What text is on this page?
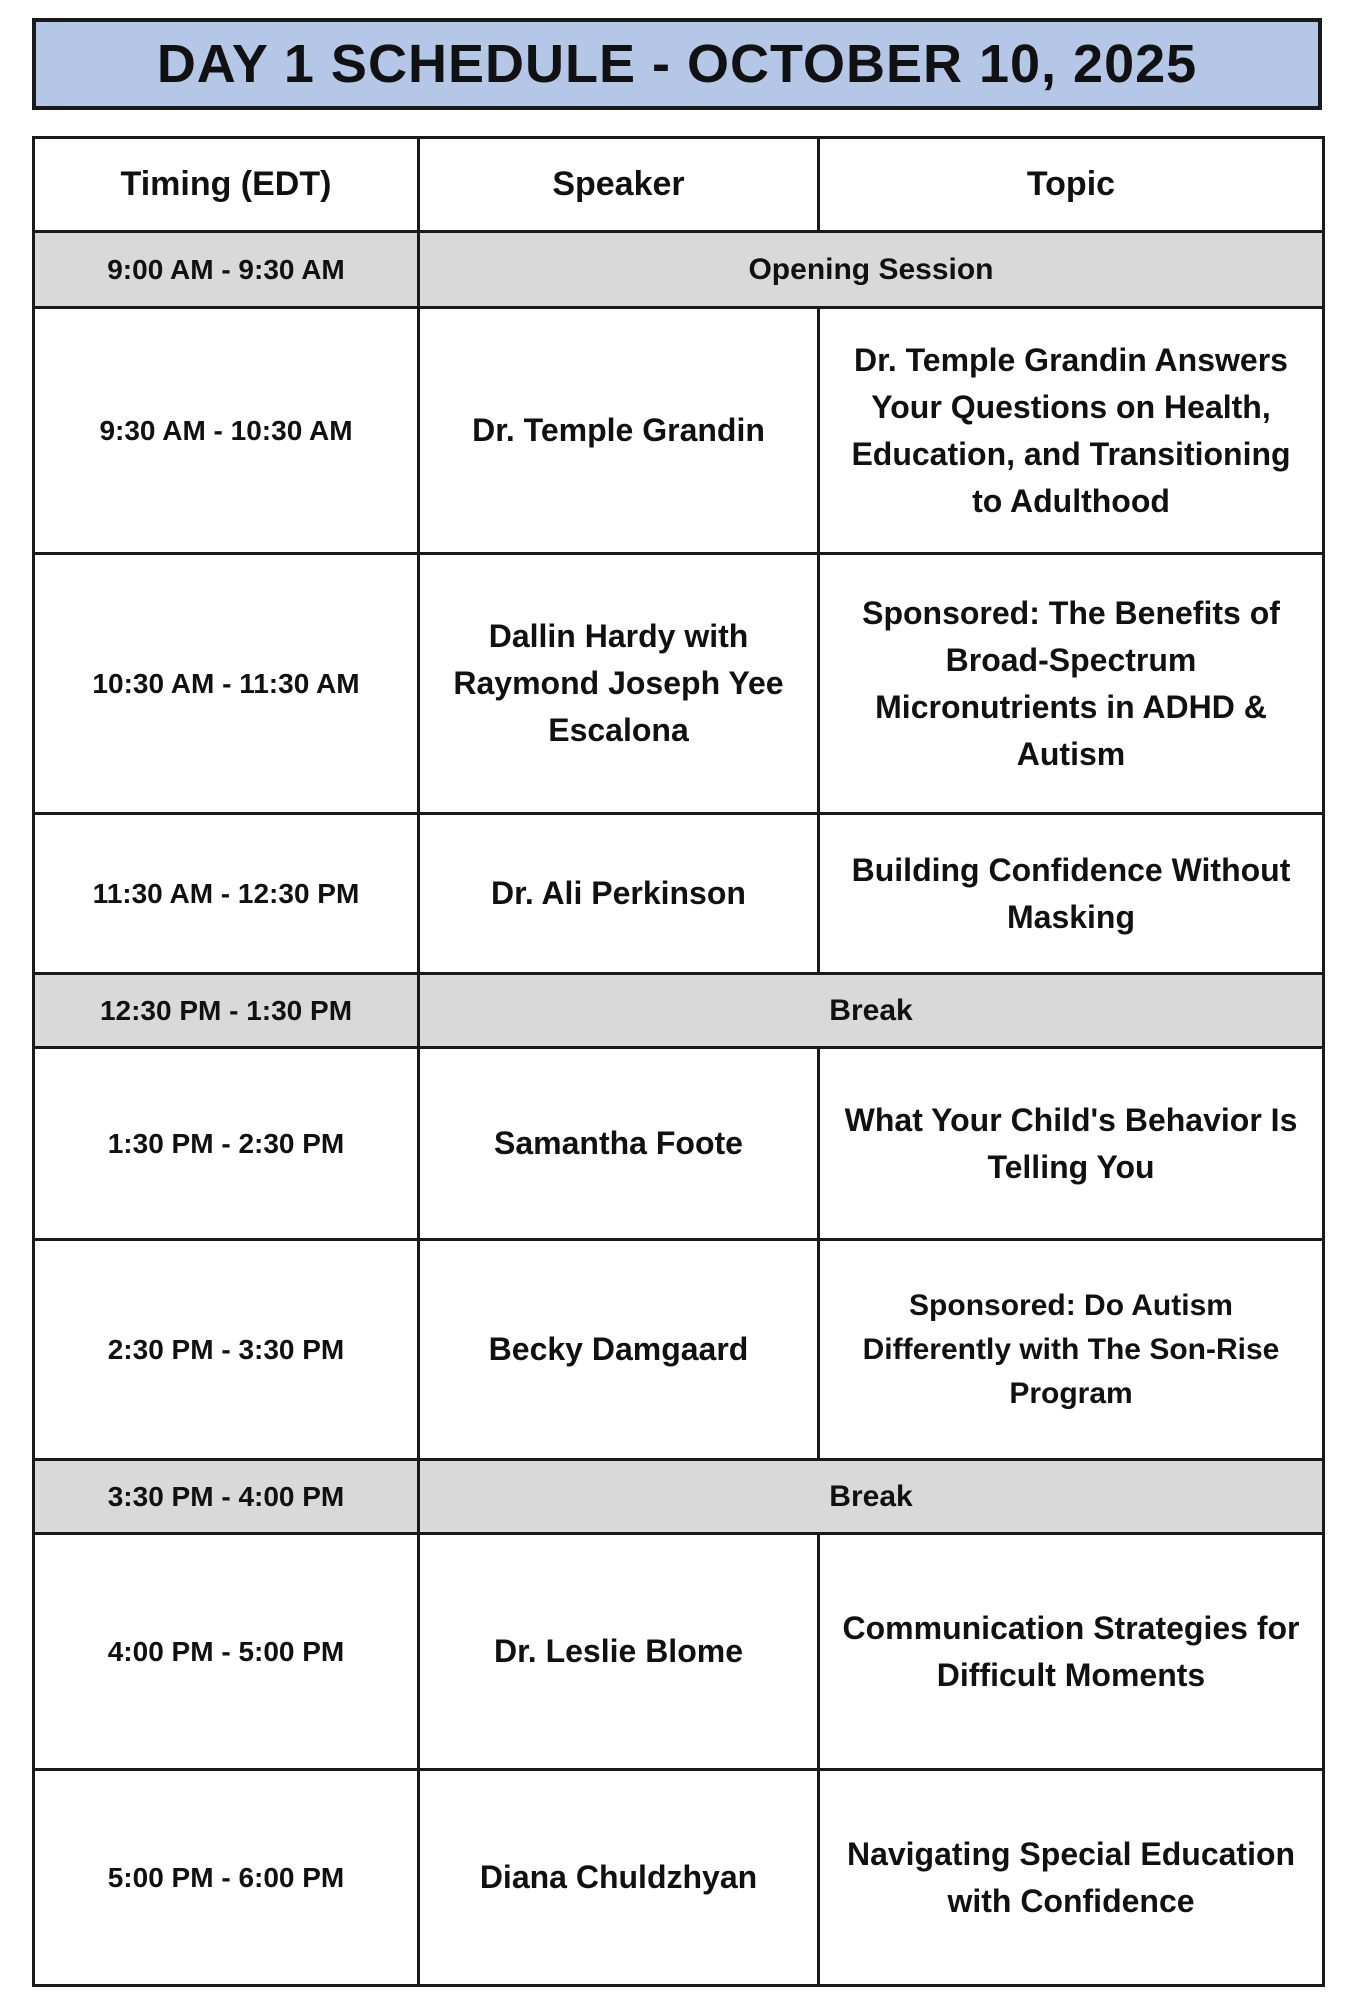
DAY 1 SCHEDULE - OCTOBER 10, 2025
Timing (EDT)	Speaker	Topic
9:00 AM - 9:30 AM	Opening Session	
9:30 AM - 10:30 AM	Dr. Temple Grandin	Dr. Temple Grandin Answers Your Questions on Health, Education, and Transitioning to Adulthood
10:30 AM - 11:30 AM	Dallin Hardy with Raymond Joseph Yee Escalona	Sponsored: The Benefits of Broad-Spectrum Micronutrients in ADHD & Autism
11:30 AM - 12:30 PM	Dr. Ali Perkinson	Building Confidence Without Masking
12:30 PM - 1:30 PM	Break	
1:30 PM - 2:30 PM	Samantha Foote	What Your Child's Behavior Is Telling You
2:30 PM - 3:30 PM	Becky Damgaard	Sponsored: Do Autism Differently with The Son-Rise Program
3:30 PM - 4:00 PM	Break	
4:00 PM - 5:00 PM	Dr. Leslie Blome	Communication Strategies for Difficult Moments
5:00 PM - 6:00 PM	Diana Chuldzhyan	Navigating Special Education with Confidence
